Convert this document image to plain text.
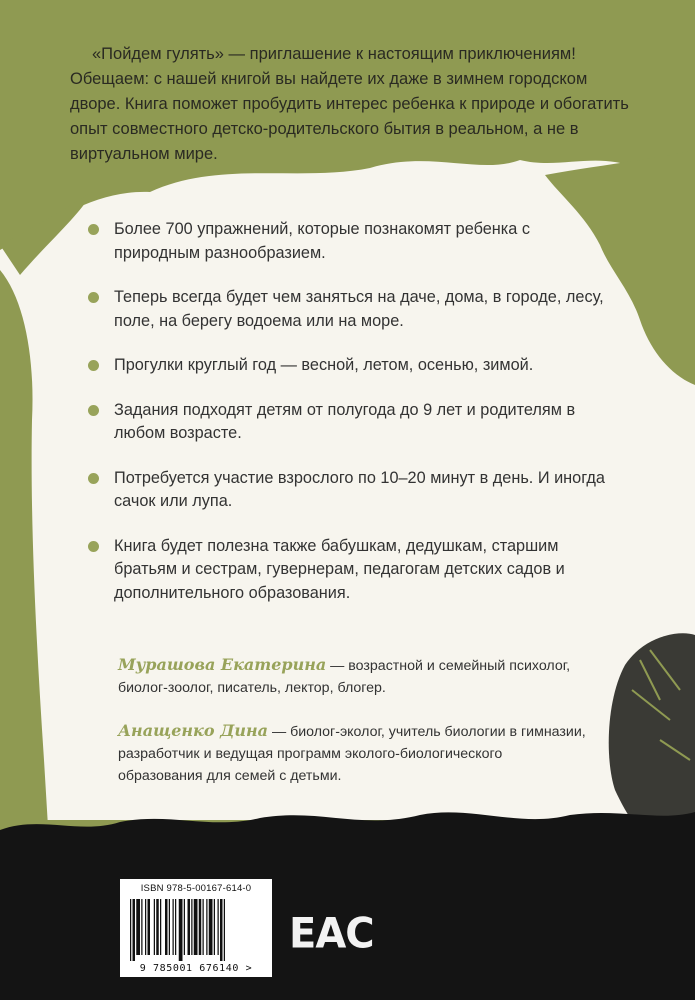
«Пойдем гулять» — приглашение к настоящим приключениям! Обещаем: с нашей книгой вы найдете их даже в зимнем городском дворе. Книга поможет пробудить интерес ребенка к природе и обогатить опыт совместного детско-родительского бытия в реальном, а не в виртуальном мире.

Более 700 упражнений, которые познакомят ребенка с природным разнообразием.
Теперь всегда будет чем заняться на даче, дома, в городе, лесу, поле, на берегу водоема или на море.
Прогулки круглый год — весной, летом, осенью, зимой.
Задания подходят детям от полугода до 9 лет и родителям в любом возрасте.
Потребуется участие взрослого по 10–20 минут в день. И иногда сачок или лупа.
Книга будет полезна также бабушкам, дедушкам, старшим братьям и сестрам, гувернерам, педагогам детских садов и дополнительного образования.
Мурашова Екатерина — возрастной и семейный психолог, биолог-зоолог, писатель, лектор, блогер.
Анащенко Дина — биолог-эколог, учитель биологии в гимназии, разработчик и ведущая программ эколого-биологического образования для семей с детьми.
ISBN 978-5-00167-614-0
9 785001 676140 >
EAC
